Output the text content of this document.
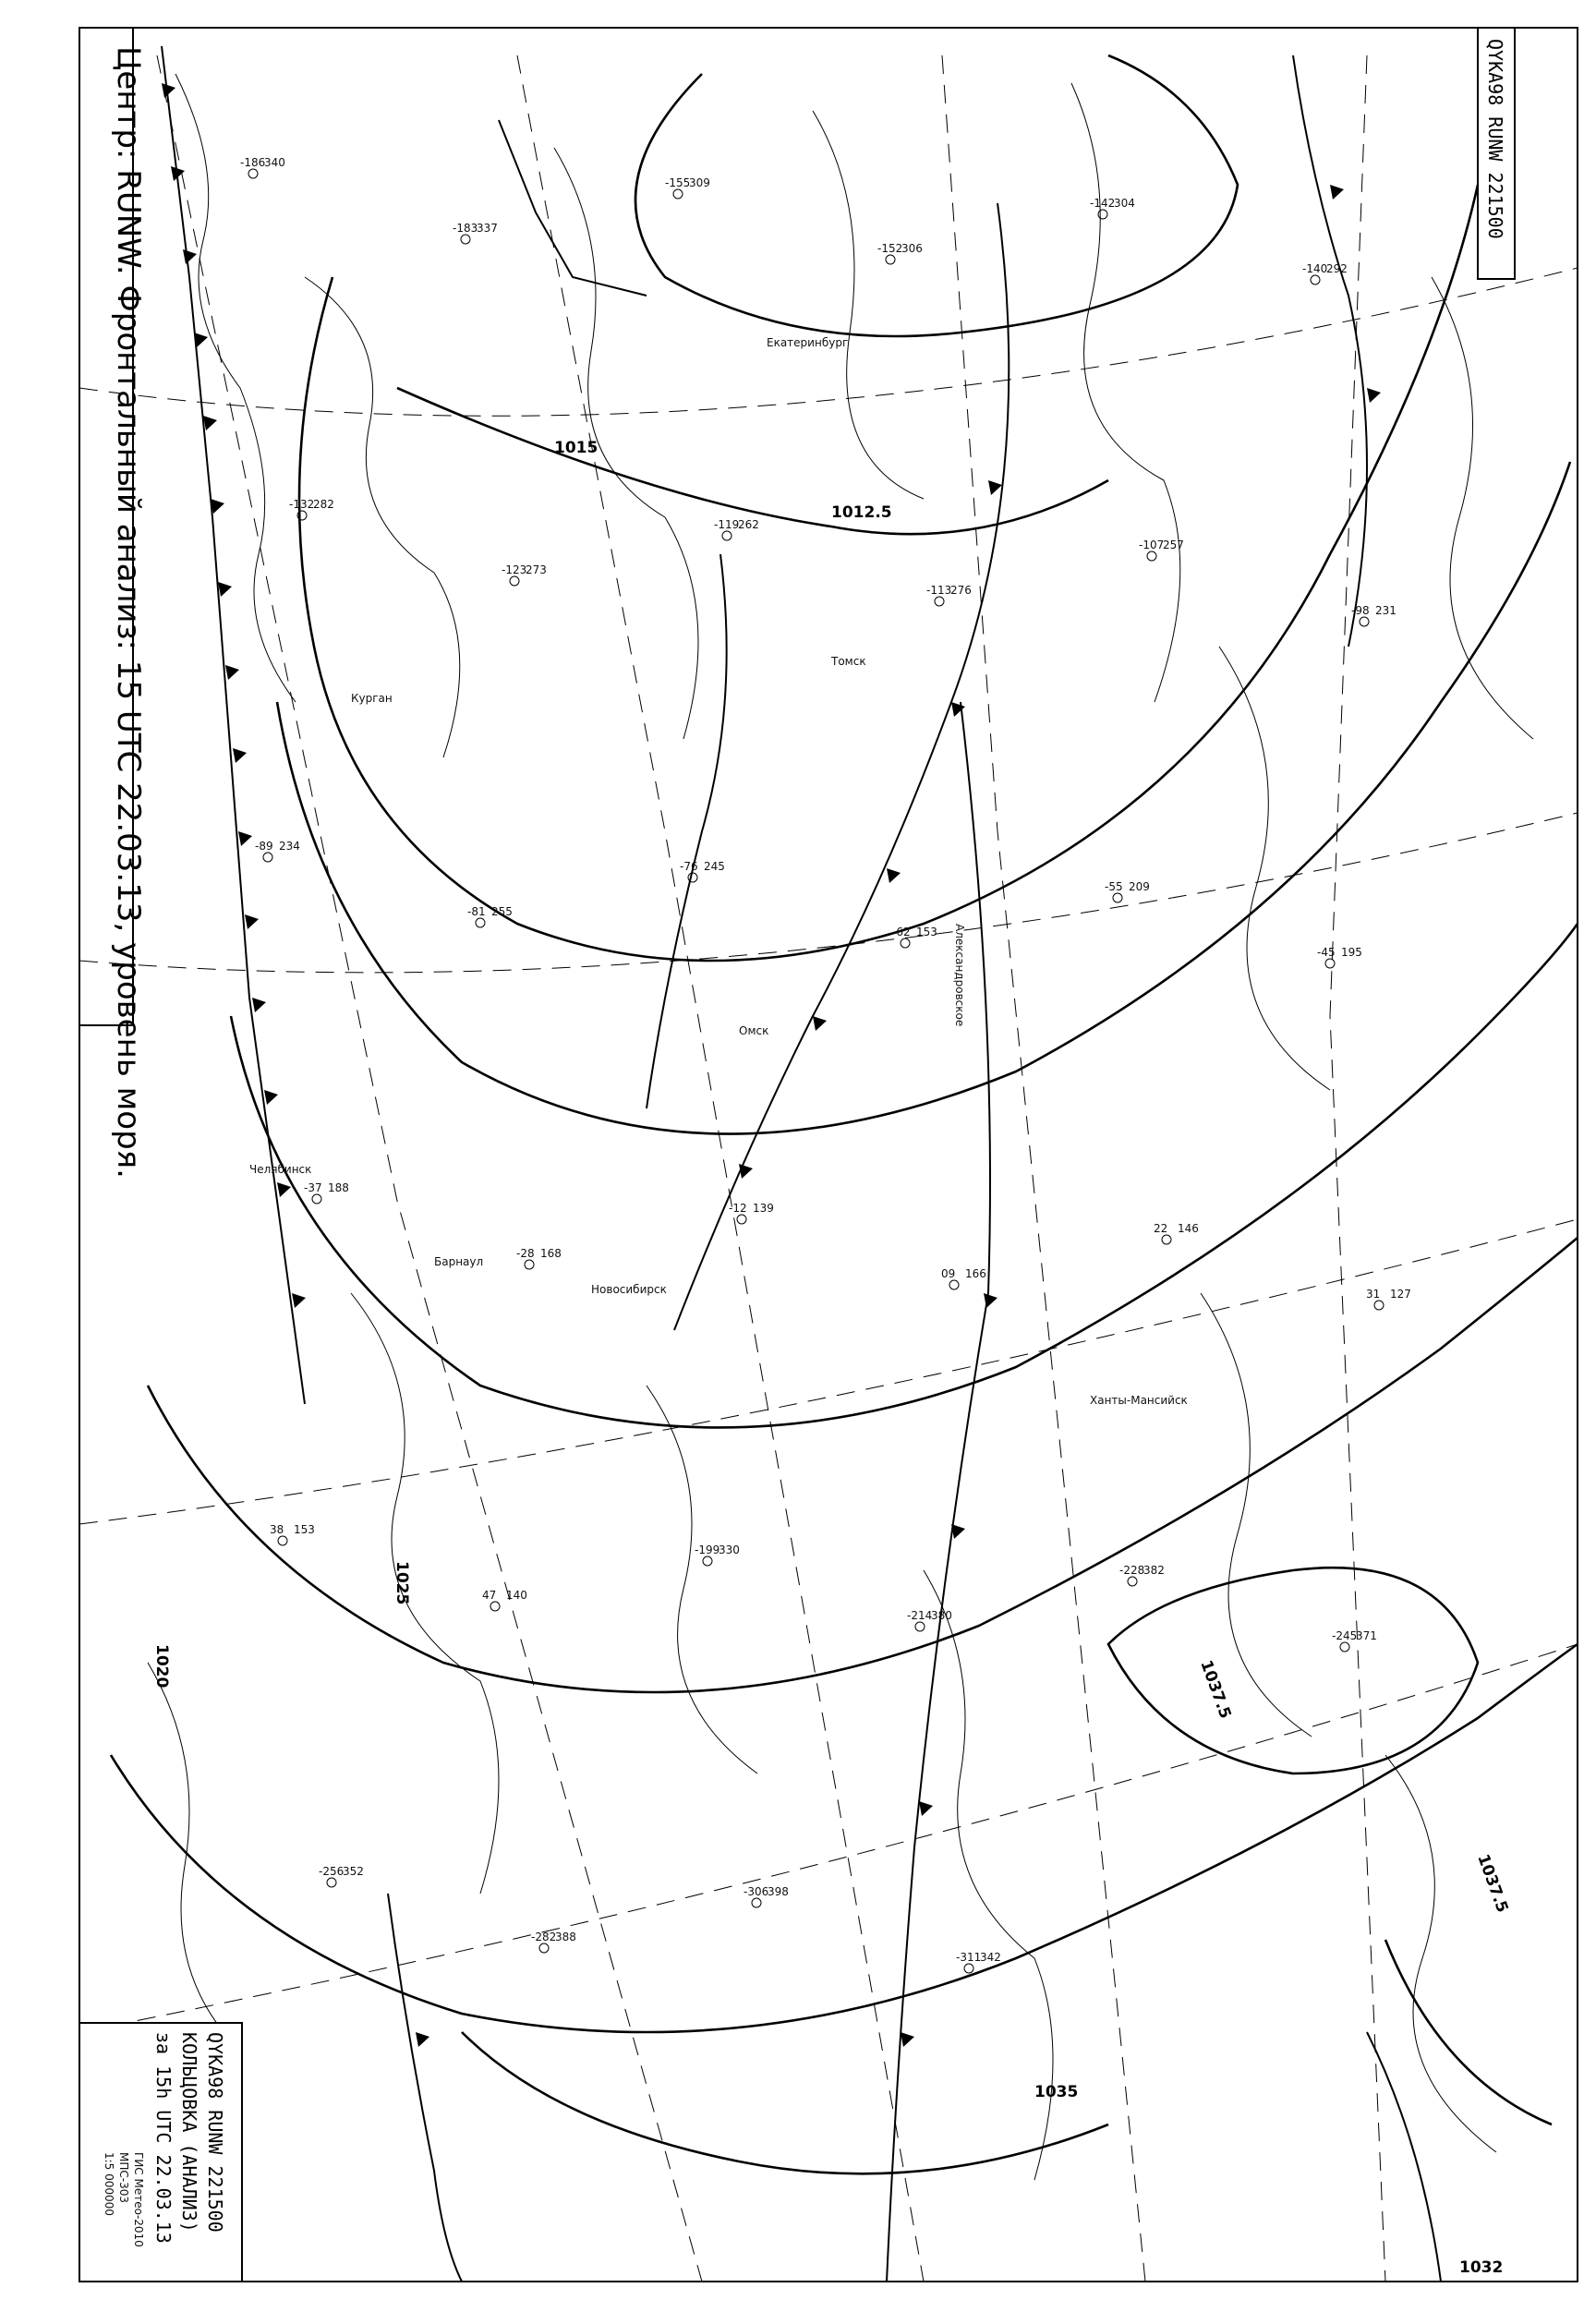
Центр: RUNW. Фронтальный анализ: 15 UTC 22.03.13, уровень моря.	QYKA98 RUNW 221500
1015
1012.5
1020
1025
1035
1037.5
1037.5
1032
Екатеринбург
Новосибирск
Александровское
Барнаул
Челябинск
Омск
Томск
Курган
Ханты-Мансийск
-186
340
-183
337
-155
309
-152
306
-142
304
-140
292
-132
282
-123
273
-119
262
-113
276
-107
257
-98 231
-89 234
-81 255
-76 245
-62 153
-55 209
-45 195
-37 188
-28 168
-12 139
09 166
22 146
31 127
38 153
47 140
-199
330
-214
380
-228
382
-245
371
-256
352
-282
388
-306
398
-311
342
QYKA98 RUNW 221500
КОЛЬЦОВКА (АНАЛИЗ)
за 15h UTC 22.03.13
ГИС Метео-2010
МПС-303
1:5 000000
